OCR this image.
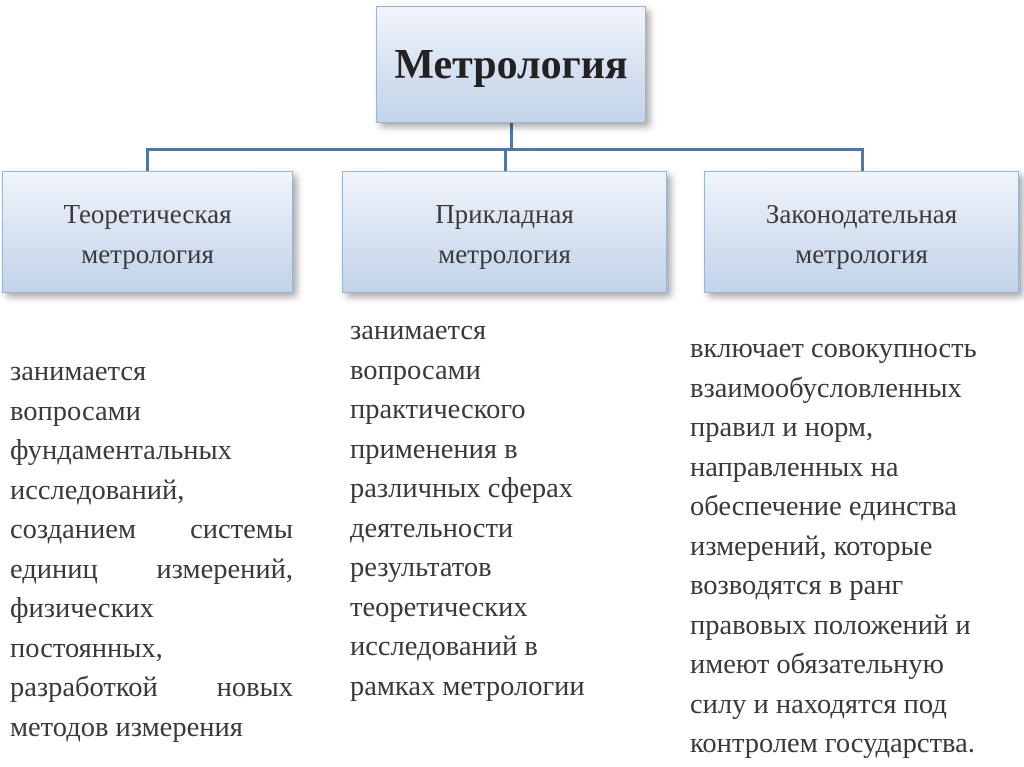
Метрология
Теоретическая
метрология
Прикладная
метрология
Законодательная
метрология
занимается
вопросами
фундаментальных
исследований,
созданием системы
единиц измерений,
физических
постоянных,
разработкой новых
методов измерения
занимается
вопросами
практического
применения в
различных сферах
деятельности
результатов
теоретических
исследований в
рамках метрологии
включает совокупность
взаимообусловленных
правил и норм,
направленных на
обеспечение единства
измерений, которые
возводятся в ранг
правовых положений и
имеют обязательную
силу и находятся под
контролем государства.
